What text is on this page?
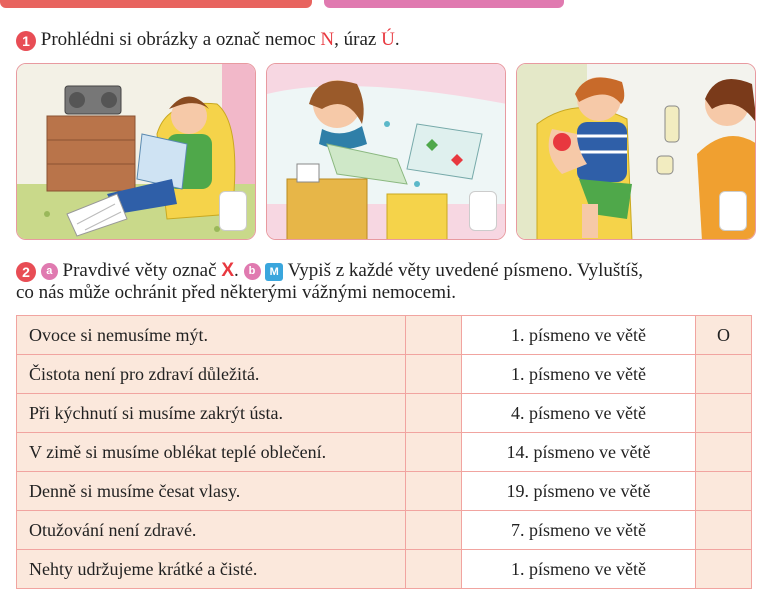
1 Prohlédni si obrázky a označ nemoc N, úraz Ú.
2 a Pravdivé věty označ X. b M Vypiš z každé věty uvedené písmeno. Vyluštíš,
co nás může ochránit před některými vážnými nemocemi.
Ovoce si nemusíme mýt.		1. písmeno ve větě	O
Čistota není pro zdraví důležitá.		1. písmeno ve větě	
Při kýchnutí si musíme zakrýt ústa.		4. písmeno ve větě	
V zimě si musíme oblékat teplé oblečení.		14. písmeno ve větě	
Denně si musíme česat vlasy.		19. písmeno ve větě	
Otužování není zdravé.		7. písmeno ve větě	
Nehty udržujeme krátké a čisté.		1. písmeno ve větě	
